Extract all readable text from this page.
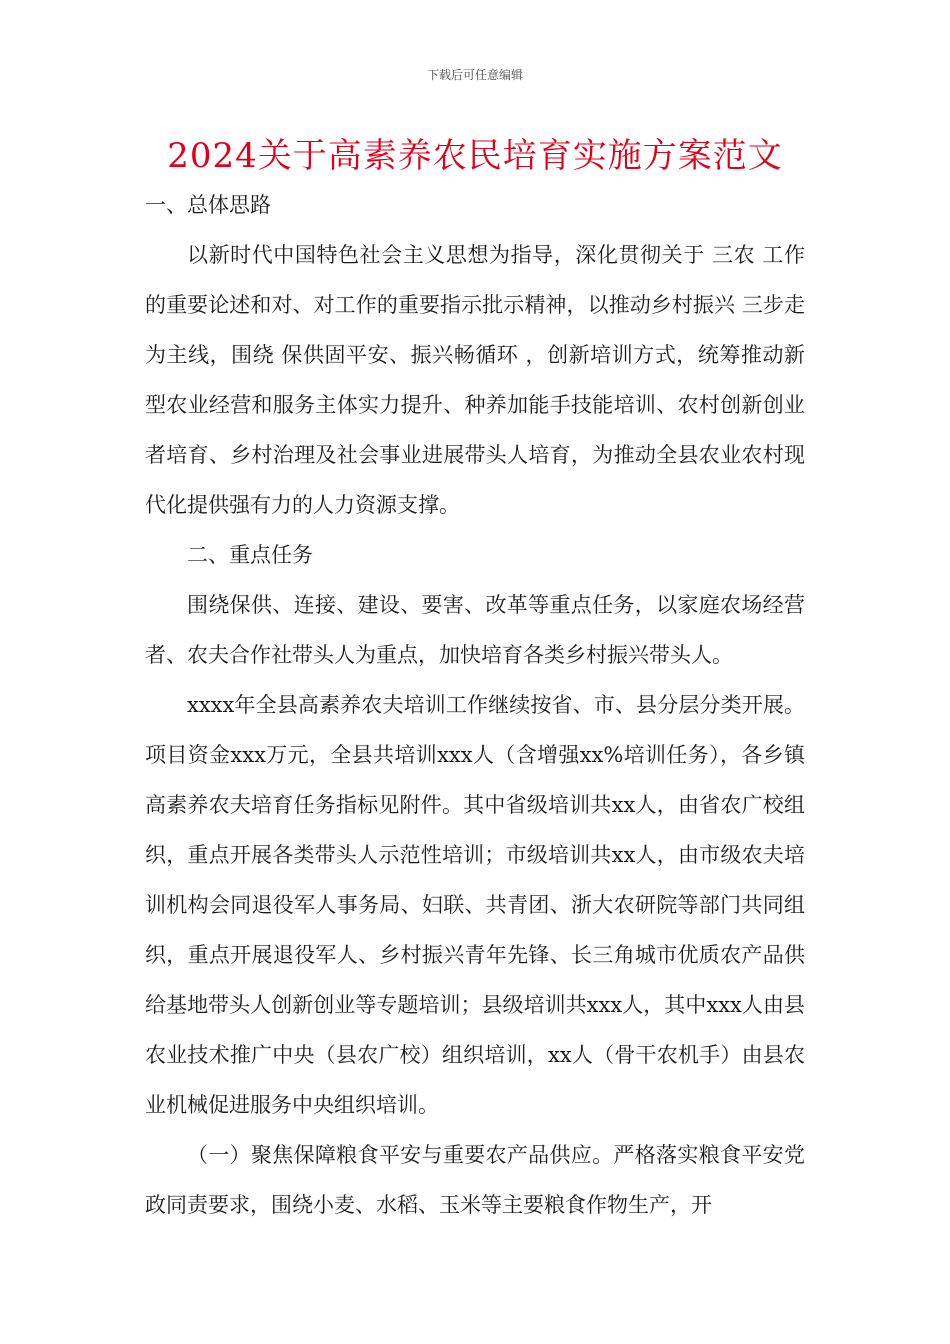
下载后可任意编辑
2024关于高素养农民培育实施方案范文

一、总体思路

以新时代中国特色社会主义思想为指导，深化贯彻关于 三农 工作的重要论述和对、对工作的重要指示批示精神，以推动乡村振兴 三步走 为主线，围绕 保供固平安、振兴畅循环 ，创新培训方式，统筹推动新型农业经营和服务主体实力提升、种养加能手技能培训、农村创新创业者培育、乡村治理及社会事业进展带头人培育，为推动全县农业农村现代化提供强有力的人力资源支撑。

二、重点任务

围绕保供、连接、建设、要害、改革等重点任务，以家庭农场经营者、农夫合作社带头人为重点，加快培育各类乡村振兴带头人。

xxxx年全县高素养农夫培训工作继续按省、市、县分层分类开展。项目资金xxx万元，全县共培训xxx人（含增强xx%培训任务），各乡镇高素养农夫培育任务指标见附件。其中省级培训共xx人，由省农广校组织，重点开展各类带头人示范性培训；市级培训共xx人，由市级农夫培训机构会同退役军人事务局、妇联、共青团、浙大农研院等部门共同组织，重点开展退役军人、乡村振兴青年先锋、长三角城市优质农产品供给基地带头人创新创业等专题培训；县级培训共xxx人，其中xxx人由县农业技术推广中央（县农广校）组织培训，xx人（骨干农机手）由县农业机械促进服务中央组织培训。

（一）聚焦保障粮食平安与重要农产品供应。严格落实粮食平安党政同责要求，围绕小麦、水稻、玉米等主要粮食作物生产，开
